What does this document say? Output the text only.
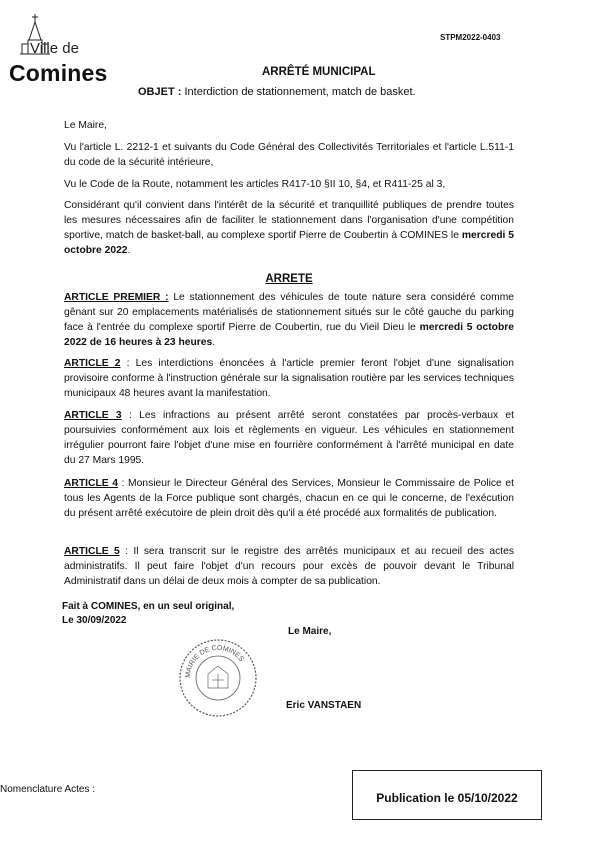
Ville de
Comines
STPM2022-0403
ARRÊTÉ MUNICIPAL
OBJET : Interdiction de stationnement, match de basket.
Le Maire,
Vu l'article L. 2212-1 et suivants du Code Général des Collectivités Territoriales et l'article L.511-1 du code de la sécurité intérieure,
Vu le Code de la Route, notamment les articles R417-10 §II 10, §4, et R411-25 al 3,
Considérant qu'il convient dans l'intérêt de la sécurité et tranquillité publiques de prendre toutes les mesures nécessaires afin de faciliter le stationnement dans l'organisation d'une compétition sportive, match de basket-ball, au complexe sportif Pierre de Coubertin à COMINES le mercredi 5 octobre 2022.
ARRETE
ARTICLE PREMIER : Le stationnement des véhicules de toute nature sera considéré comme gênant sur 20 emplacements matérialisés de stationnement situés sur le côté gauche du parking face à l'entrée du complexe sportif Pierre de Coubertin, rue du Vieil Dieu le mercredi 5 octobre 2022 de 16 heures à 23 heures.
ARTICLE 2 : Les interdictions énoncées à l'article premier feront l'objet d'une signalisation provisoire conforme à l'instruction générale sur la signalisation routière par les services techniques municipaux 48 heures avant la manifestation.
ARTICLE 3 : Les infractions au présent arrêté seront constatées par procès-verbaux et poursuivies conformément aux lois et règlements en vigueur. Les véhicules en stationnement irrégulier pourront faire l'objet d'une mise en fourrière conformément à l'arrêté municipal en date du 27 Mars 1995.
ARTICLE 4 : Monsieur le Directeur Général des Services, Monsieur le Commissaire de Police et tous les Agents de la Force publique sont chargés, chacun en ce qui le concerne, de l'exécution du présent arrêté exécutoire de plein droit dès qu'il a été procédé aux formalités de publication.
ARTICLE 5 : Il sera transcrit sur le registre des arrêtés municipaux et au recueil des actes administratifs. Il peut faire l'objet d'un recours pour excès de pouvoir devant le Tribunal Administratif dans un délai de deux mois à compter de sa publication.
Fait à COMINES, en un seul original,
Le 30/09/2022
Le Maire,
MAIRIE DE COMINES
Eric VANSTAEN
Nomenclature Actes :
Publication le 05/10/2022
